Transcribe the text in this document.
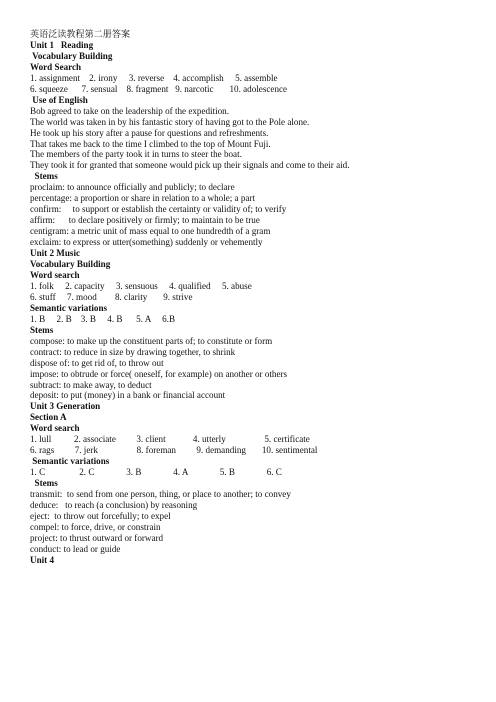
英语泛读教程第二册答案
Unit 1   Reading
Vocabulary Building
Word Search
1. assignment    2. irony     3. reverse    4. accomplish     5. assemble
6. squeeze      7. sensual    8. fragment   9. narcotic       10. adolescence
Use of English
Bob agreed to take on the leadership of the expedition.
The world was taken in by his fantastic story of having got to the Pole alone.
He took up his story after a pause for questions and refreshments.
That takes me back to the time I climbed to the top of Mount Fuji.
The members of the party took it in turns to steer the boat.
They took it for granted that someone would pick up their signals and come to their aid.
Stems
proclaim: to announce officially and publicly; to declare
percentage: a proportion or share in relation to a whole; a part
confirm:     to support or establish the certainty or validity of; to verify
affirm:      to declare positively or firmly; to maintain to be true
centigram: a metric unit of mass equal to one hundredth of a gram
exclaim: to express or utter(something) suddenly or vehemently
Unit 2 Music
Vocabulary Building
Word search
1. folk     2. capacity     3. sensuous     4. qualified     5. abuse
6. stuff     7. mood        8. clarity       9. strive
Semantic variations
1. B     2. B    3. B     4. B      5. A     6.B
Stems
compose: to make up the constituent parts of; to constitute or form
contract: to reduce in size by drawing together, to shrink
dispose of: to get rid of, to throw out
impose: to obtrude or force( oneself, for example) on another or others
subtract: to make away, to deduct
deposit: to put (money) in a bank or financial account
Unit 3 Generation
Section A
Word search
1. lull          2. associate         3. client            4. utterly                 5. certificate
6. rags         7. jerk                 8. foreman         9. demanding       10. sentimental
Semantic variations
1. C               2. C              3. B              4. A              5. B              6. C
Stems
transmit:  to send from one person, thing, or place to another; to convey
deduce:   to reach (a conclusion) by reasoning
eject:  to throw out forcefully; to expel
compel: to force, drive, or constrain
project: to thrust outward or forward
conduct: to lead or guide
Unit 4
